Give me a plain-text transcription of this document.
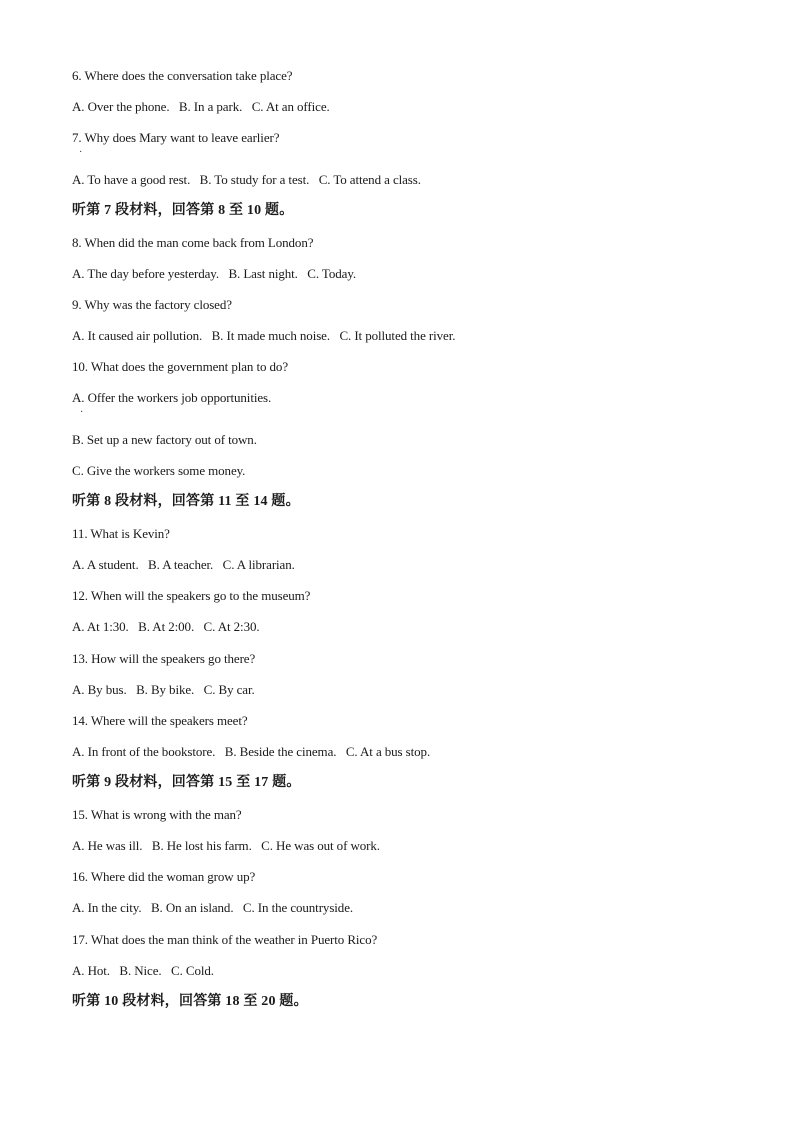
6. Where does the conversation take place?
A. Over the phone.   B. In a park.   C. At an office.
7. Why does Mary want to leave earlier?
·
A. To have a good rest.   B. To study for a test.   C. To attend a class.
听第 7 段材料，回答第 8 至 10 题。
8. When did the man come back from London?
A. The day before yesterday.   B. Last night.   C. Today.
9. Why was the factory closed?
A. It caused air pollution.   B. It made much noise.   C. It polluted the river.
10. What does the government plan to do?
A. Offer the workers job opportunities.
·
B. Set up a new factory out of town.
C. Give the workers some money.
听第 8 段材料，回答第 11 至 14 题。
11. What is Kevin?
A. A student.   B. A teacher.   C. A librarian.
12. When will the speakers go to the museum?
A. At 1:30.   B. At 2:00.   C. At 2:30.
13. How will the speakers go there?
A. By bus.   B. By bike.   C. By car.
14. Where will the speakers meet?
A. In front of the bookstore.   B. Beside the cinema.   C. At a bus stop.
听第 9 段材料，回答第 15 至 17 题。
15. What is wrong with the man?
A. He was ill.   B. He lost his farm.   C. He was out of work.
16. Where did the woman grow up?
A. In the city.   B. On an island.   C. In the countryside.
17. What does the man think of the weather in Puerto Rico?
A. Hot.   B. Nice.   C. Cold.
听第 10 段材料，回答第 18 至 20 题。
